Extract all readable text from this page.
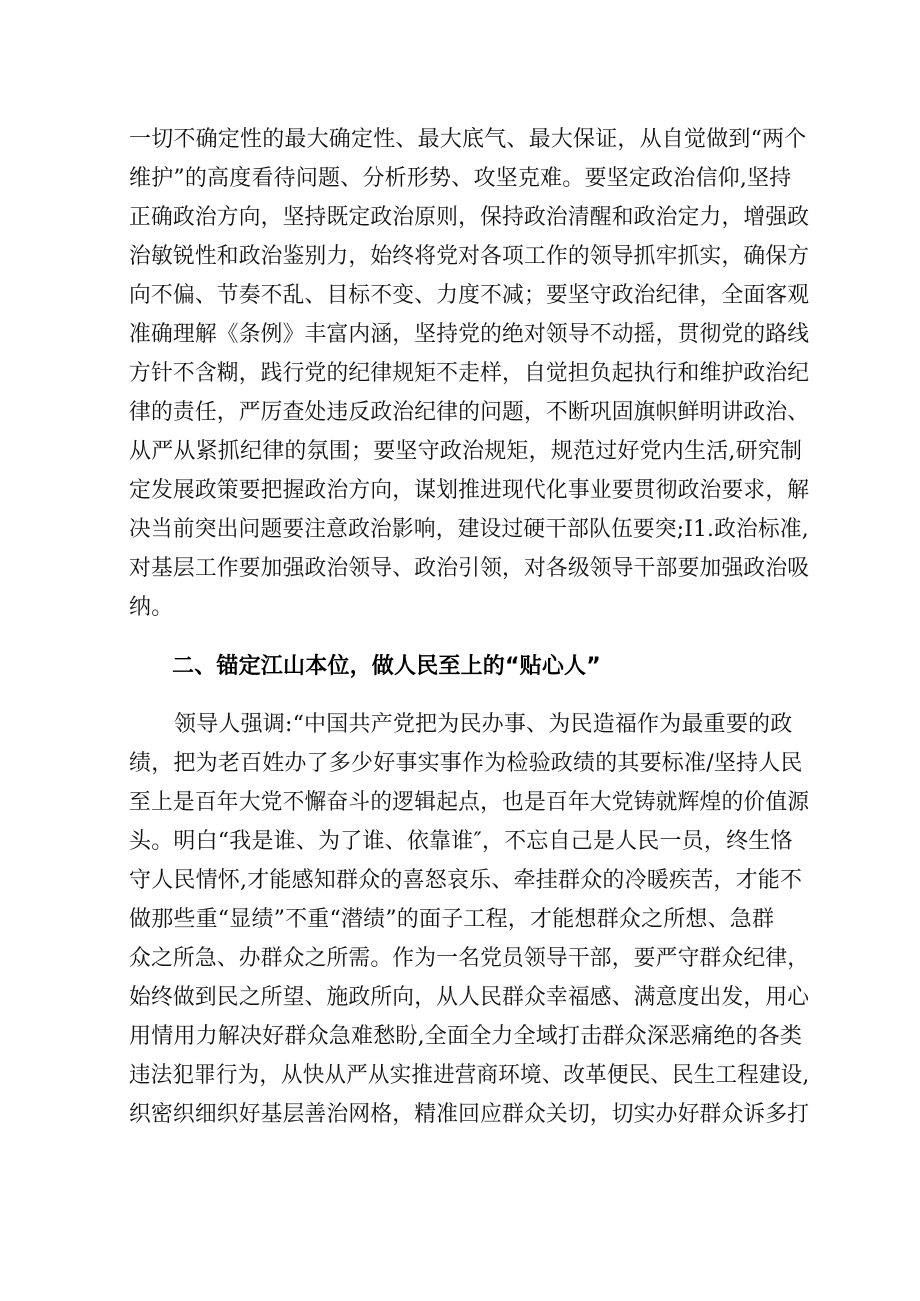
一切不确定性的最大确定性、最大底气、最大保证，从自觉做到“两个
维护”的高度看待问题、分析形势、攻坚克难。要坚定政治信仰,坚持
正确政治方向，坚持既定政治原则，保持政治清醒和政治定力，增强政
治敏锐性和政治鉴别力，始终将党对各项工作的领导抓牢抓实，确保方
向不偏、节奏不乱、目标不变、力度不减；要坚守政治纪律，全面客观
准确理解《条例》丰富内涵，坚持党的绝对领导不动摇，贯彻党的路线
方针不含糊，践行党的纪律规矩不走样，自觉担负起执行和维护政治纪
律的责任，严厉查处违反政治纪律的问题，不断巩固旗帜鲜明讲政治、
从严从紧抓纪律的氛围；要坚守政治规矩，规范过好党内生活,研究制
定发展政策要把握政治方向，谋划推进现代化事业要贯彻政治要求，解
决当前突出问题要注意政治影响，建设过硬干部队伍要突;I1.政治标准,
对基层工作要加强政治领导、政治引领，对各级领导干部要加强政治吸
纳。
二、锚定江山本位，做人民至上的“贴心人”
领导人强调:“中国共产党把为民办事、为民造福作为最重要的政
绩，把为老百姓办了多少好事实事作为检验政绩的其要标准/坚持人民
至上是百年大党不懈奋斗的逻辑起点，也是百年大党铸就辉煌的价值源
头。明白“我是谁、为了谁、依靠谁″，不忘自己是人民一员，终生恪
守人民情怀,才能感知群众的喜怒哀乐、牵挂群众的冷暖疾苦，才能不
做那些重“显绩”不重“潜绩”的面子工程，才能想群众之所想、急群
众之所急、办群众之所需。作为一名党员领导干部，要严守群众纪律，
始终做到民之所望、施政所向，从人民群众幸福感、满意度出发，用心
用情用力解决好群众急难愁盼,全面全力全域打击群众深恶痛绝的各类
违法犯罪行为，从快从严从实推进营商环境、改革便民、民生工程建设,
织密织细织好基层善治网格，精准回应群众关切，切实办好群众诉多打
